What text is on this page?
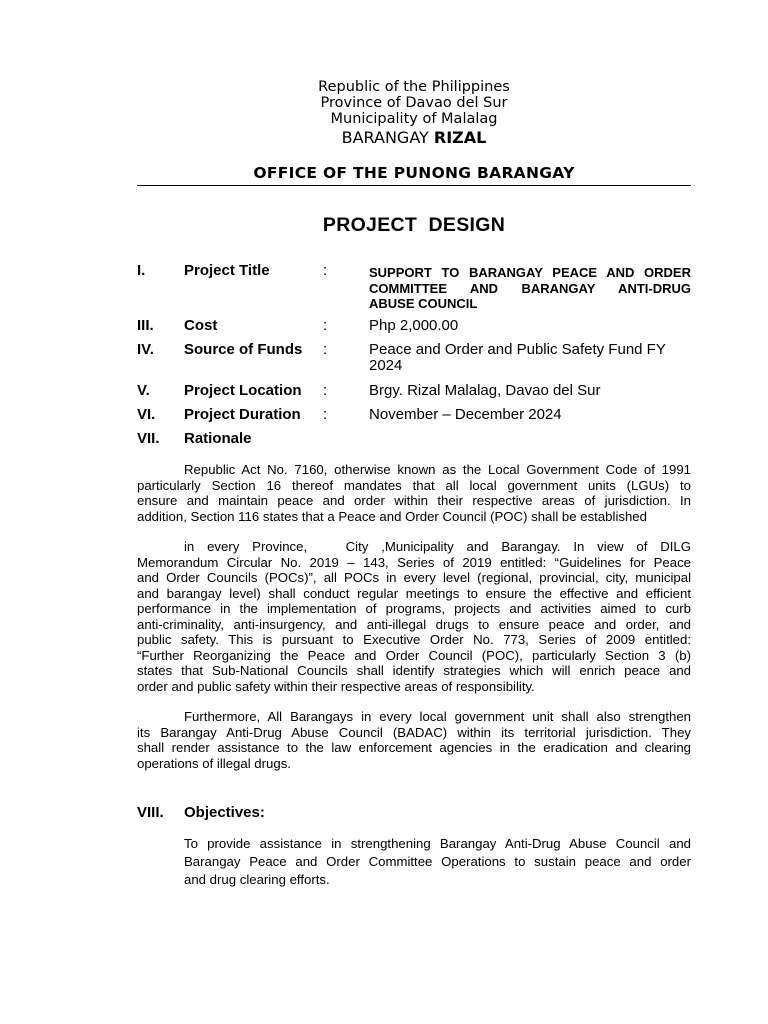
Republic of the Philippines
Province of Davao del Sur
Municipality of Malalag
BARANGAY RIZAL
OFFICE OF THE PUNONG BARANGAY
PROJECT  DESIGN
I.	Project Title	:	SUPPORT TO BARANGAY PEACE AND ORDER
COMMITTEE AND BARANGAY ANTI-DRUG
ABUSE COUNCIL
III. Cost	:	Php 2,000.00
IV. Source of Funds :	Peace and Order and Public Safety Fund FY
2024
V. Project Location :	Brgy. Rizal Malalag, Davao del Sur
VI. Project Duration :	November – December 2024
VII. Rationale
Republic Act No. 7160, otherwise known as the Local Government Code of 1991
particularly Section 16 thereof mandates that all local government units (LGUs) to
ensure and maintain peace and order within their respective areas of jurisdiction. In
addition, Section 116 states that a Peace and Order Council (POC) shall be established
in every Province,   City ,Municipality and Barangay. In view of DILG
Memorandum Circular No. 2019 – 143, Series of 2019 entitled: “Guidelines for Peace
and Order Councils (POCs)”, all POCs in every level (regional, provincial, city, municipal
and barangay level) shall conduct regular meetings to ensure the effective and efficient
performance in the implementation of programs, projects and activities aimed to curb
anti-criminality, anti-insurgency, and anti-illegal drugs to ensure peace and order, and
public safety. This is pursuant to Executive Order No. 773, Series of 2009 entitled:
“Further Reorganizing the Peace and Order Council (POC), particularly Section 3 (b)
states that Sub-National Councils shall identify strategies which will enrich peace and
order and public safety within their respective areas of responsibility.
Furthermore, All Barangays in every local government unit shall also strengthen
its Barangay Anti-Drug Abuse Council (BADAC) within its territorial jurisdiction. They
shall render assistance to the law enforcement agencies in the eradication and clearing
operations of illegal drugs.
VIII. Objectives:
To provide assistance in strengthening Barangay Anti-Drug Abuse Council and
Barangay Peace and Order Committee Operations to sustain peace and order
and drug clearing efforts.
